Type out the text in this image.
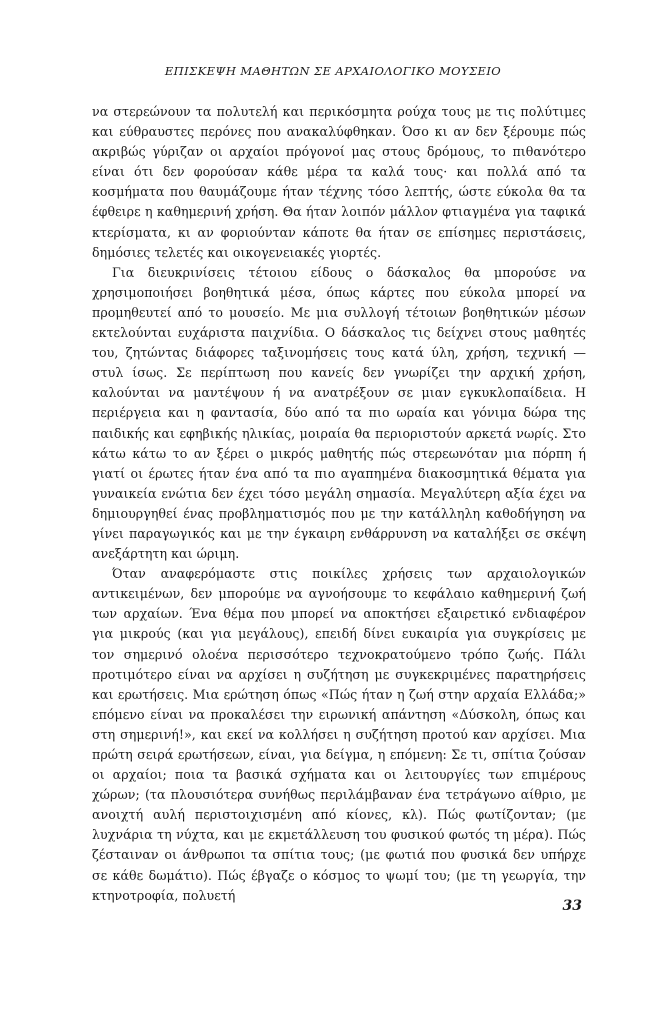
ΕΠΙΣΚΕΨΗ ΜΑΘΗΤΩΝ ΣΕ ΑΡΧΑΙΟΛΟΓΙΚΟ ΜΟΥΣΕΙΟ

να στερεώνουν τα πολυτελή και περικόσμητα ρούχα τους με τις πολύτιμες και εύθραυστες περόνες που ανακαλύφθηκαν. Όσο κι αν δεν ξέρουμε πώς ακριβώς γύριζαν οι αρχαίοι πρόγονοί μας στους δρόμους, το πιθανότερο είναι ότι δεν φορούσαν κάθε μέρα τα καλά τους· και πολλά από τα κοσμήματα που θαυμάζουμε ήταν τέχνης τόσο λεπτής, ώστε εύκολα θα τα έφθειρε η καθημερινή χρήση. Θα ήταν λοιπόν μάλλον φτιαγμένα για ταφικά κτερίσματα, κι αν φοριούνταν κάποτε θα ήταν σε επίσημες περιστάσεις, δημόσιες τελετές και οικογενειακές γιορτές.

Για διευκρινίσεις τέτοιου είδους ο δάσκαλος θα μπορούσε να χρησιμοποιήσει βοηθητικά μέσα, όπως κάρτες που εύκολα μπορεί να προμηθευτεί από το μουσείο. Με μια συλλογή τέτοιων βοηθητικών μέσων εκτελούνται ευχάριστα παιχνίδια. Ο δάσκαλος τις δείχνει στους μαθητές του, ζητώντας διάφορες ταξινομήσεις τους κατά ύλη, χρήση, τεχνική — στυλ ίσως. Σε περίπτωση που κανείς δεν γνωρίζει την αρχική χρήση, καλούνται να μαντέψουν ή να ανατρέξουν σε μιαν εγκυκλοπαίδεια. Η περιέργεια και η φαντασία, δύο από τα πιο ωραία και γόνιμα δώρα της παιδικής και εφηβικής ηλικίας, μοιραία θα περιοριστούν αρκετά νωρίς. Στο κάτω κάτω το αν ξέρει ο μικρός μαθητής πώς στερεωνόταν μια πόρπη ή γιατί οι έρωτες ήταν ένα από τα πιο αγαπημένα διακοσμητικά θέματα για γυναικεία ενώτια δεν έχει τόσο μεγάλη σημασία. Μεγαλύτερη αξία έχει να δημιουργηθεί ένας προβληματισμός που με την κατάλληλη καθοδήγηση να γίνει παραγωγικός και με την έγκαιρη ενθάρρυνση να καταλήξει σε σκέψη ανεξάρτητη και ώριμη.

Όταν αναφερόμαστε στις ποικίλες χρήσεις των αρχαιολογικών αντικειμένων, δεν μπορούμε να αγνοήσουμε το κεφάλαιο καθημερινή ζωή των αρχαίων. Ένα θέμα που μπορεί να αποκτήσει εξαιρετικό ενδιαφέρον για μικρούς (και για μεγάλους), επειδή δίνει ευκαιρία για συγκρίσεις με τον σημερινό ολοένα περισσότερο τεχνοκρατούμενο τρόπο ζωής. Πάλι προτιμότερο είναι να αρχίσει η συζήτηση με συγκεκριμένες παρατηρήσεις και ερωτήσεις. Μια ερώτηση όπως «Πώς ήταν η ζωή στην αρχαία Ελλάδα;» επόμενο είναι να προκαλέσει την ειρωνική απάντηση «Δύσκολη, όπως και στη σημερινή!», και εκεί να κολλήσει η συζήτηση προτού καν αρχίσει. Μια πρώτη σειρά ερωτήσεων, είναι, για δείγμα, η επόμενη: Σε τι, σπίτια ζούσαν οι αρχαίοι; ποια τα βασικά σχήματα και οι λειτουργίες των επιμέρους χώρων; (τα πλουσιότερα συνήθως περιλάμβαναν ένα τετράγωνο αίθριο, με ανοιχτή αυλή περιστοιχισμένη από κίονες, κλ). Πώς φωτίζονταν; (με λυχνάρια τη νύχτα, και με εκμετάλλευση του φυσικού φωτός τη μέρα). Πώς ζέσταιναν οι άνθρωποι τα σπίτια τους; (με φωτιά που φυσικά δεν υπήρχε σε κάθε δωμάτιο). Πώς έβγαζε ο κόσμος το ψωμί του; (με τη γεωργία, την κτηνοτροφία, πολυετή

33
